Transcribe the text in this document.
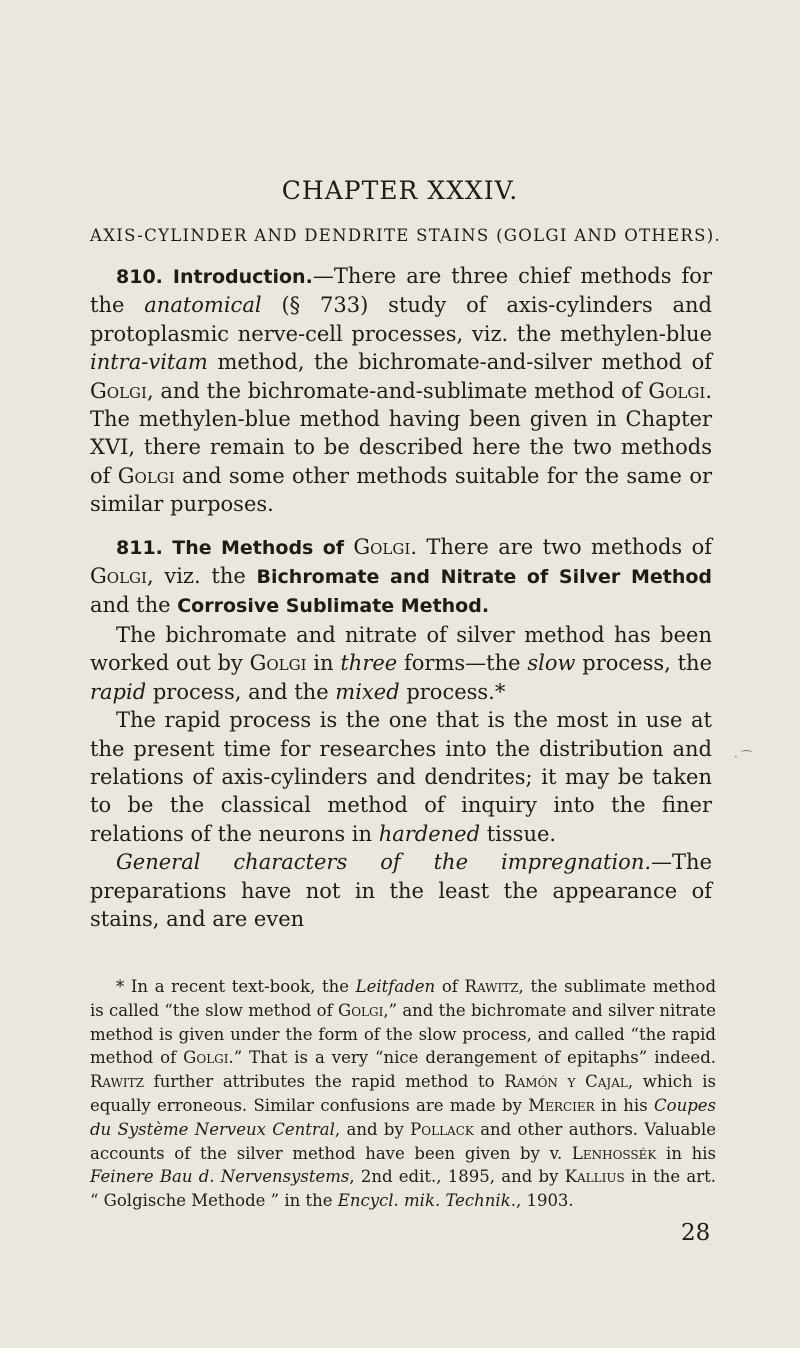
CHAPTER XXXIV.
AXIS-CYLINDER AND DENDRITE STAINS (GOLGI AND OTHERS).

810. Introduction.—There are three chief methods for the anatomical (§ 733) study of axis-cylinders and protoplasmic nerve-cell processes, viz. the methylen-blue intra-vitam method, the bichromate-and-silver method of Golgi, and the bichromate-and-sublimate method of Golgi. The methylen-blue method having been given in Chapter XVI, there remain to be described here the two methods of Golgi and some other methods suitable for the same or similar purposes.

811. The Methods of Golgi. There are two methods of Golgi, viz. the Bichromate and Nitrate of Silver Method and the Corrosive Sublimate Method.

The bichromate and nitrate of silver method has been worked out by Golgi in three forms—the slow process, the rapid process, and the mixed process.*

The rapid process is the one that is the most in use at the present time for researches into the distribution and relations of axis-cylinders and dendrites; it may be taken to be the classical method of inquiry into the finer relations of the neurons in hardened tissue.

General characters of the impregnation.—The preparations have not in the least the appearance of stains, and are even

* In a recent text-book, the Leitfaden of Rawitz, the sublimate method is called “the slow method of Golgi,” and the bichromate and silver nitrate method is given under the form of the slow process, and called “the rapid method of Golgi.” That is a very “nice derangement of epitaphs” indeed. Rawitz further attributes the rapid method to Ramón y Cajal, which is equally erroneous. Similar confusions are made by Mercier in his Coupes du Système Nerveux Central, and by Pollack and other authors. Valuable accounts of the silver method have been given by v. Lenhossék in his Feinere Bau d. Nervensystems, 2nd edit., 1895, and by Kallius in the art. “ Golgische Methode ” in the Encycl. mik. Technik., 1903.
28
· ⁀
